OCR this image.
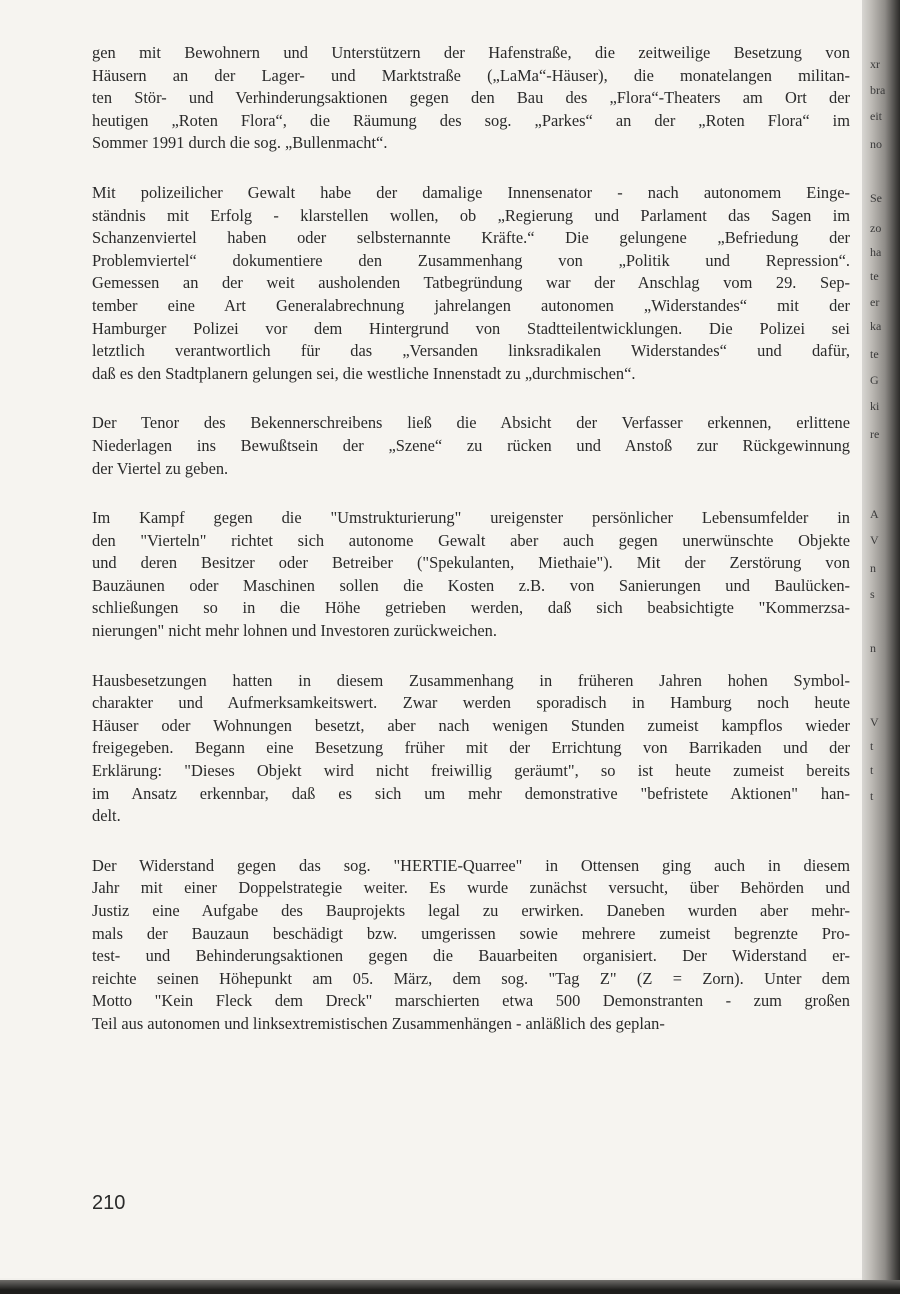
xr
bra
eit
no
Se
zo
ha
te
er
ka
te
G
ki
re
A
V
n
s
n
V
t
t
t

gen mit Bewohnern und Unterstützern der Hafenstraße, die zeitweilige Besetzung von
Häusern an der Lager- und Marktstraße („LaMa“-Häuser), die monatelangen militan-
ten Stör- und Verhinderungsaktionen gegen den Bau des „Flora“-Theaters am Ort der
heutigen „Roten Flora“, die Räumung des sog. „Parkes“ an der „Roten Flora“ im
Sommer 1991 durch die sog. „Bullenmacht“.

Mit polizeilicher Gewalt habe der damalige Innensenator - nach autonomem Einge-
ständnis mit Erfolg - klarstellen wollen, ob „Regierung und Parlament das Sagen im
Schanzenviertel haben oder selbsternannte Kräfte.“ Die gelungene „Befriedung der
Problemviertel“ dokumentiere den Zusammenhang von „Politik und Repression“.
Gemessen an der weit ausholenden Tatbegründung war der Anschlag vom 29. Sep-
tember eine Art Generalabrechnung jahrelangen autonomen „Widerstandes“ mit der
Hamburger Polizei vor dem Hintergrund von Stadtteilentwicklungen. Die Polizei sei
letztlich verantwortlich für das „Versanden linksradikalen Widerstandes“ und dafür,
daß es den Stadtplanern gelungen sei, die westliche Innenstadt zu „durchmischen“.

Der Tenor des Bekennerschreibens ließ die Absicht der Verfasser erkennen, erlittene
Niederlagen ins Bewußtsein der „Szene“ zu rücken und Anstoß zur Rückgewinnung
der Viertel zu geben.

Im Kampf gegen die "Umstrukturierung" ureigenster persönlicher Lebensumfelder in
den "Vierteln" richtet sich autonome Gewalt aber auch gegen unerwünschte Objekte
und deren Besitzer oder Betreiber ("Spekulanten, Miethaie"). Mit der Zerstörung von
Bauzäunen oder Maschinen sollen die Kosten z.B. von Sanierungen und Baulücken-
schließungen so in die Höhe getrieben werden, daß sich beabsichtigte "Kommerzsa-
nierungen" nicht mehr lohnen und Investoren zurückweichen.

Hausbesetzungen hatten in diesem Zusammenhang in früheren Jahren hohen Symbol-
charakter und Aufmerksamkeitswert. Zwar werden sporadisch in Hamburg noch heute
Häuser oder Wohnungen besetzt, aber nach wenigen Stunden zumeist kampflos wieder
freigegeben. Begann eine Besetzung früher mit der Errichtung von Barrikaden und der
Erklärung: "Dieses Objekt wird nicht freiwillig geräumt", so ist heute zumeist bereits
im Ansatz erkennbar, daß es sich um mehr demonstrative "befristete Aktionen" han-
delt.

Der Widerstand gegen das sog. "HERTIE-Quarree" in Ottensen ging auch in diesem
Jahr mit einer Doppelstrategie weiter. Es wurde zunächst versucht, über Behörden und
Justiz eine Aufgabe des Bauprojekts legal zu erwirken. Daneben wurden aber mehr-
mals der Bauzaun beschädigt bzw. umgerissen sowie mehrere zumeist begrenzte Pro-
test- und Behinderungsaktionen gegen die Bauarbeiten organisiert. Der Widerstand er-
reichte seinen Höhepunkt am 05. März, dem sog. "Tag Z" (Z = Zorn). Unter dem
Motto "Kein Fleck dem Dreck" marschierten etwa 500 Demonstranten - zum großen
Teil aus autonomen und linksextremistischen Zusammenhängen - anläßlich des geplan-

210
